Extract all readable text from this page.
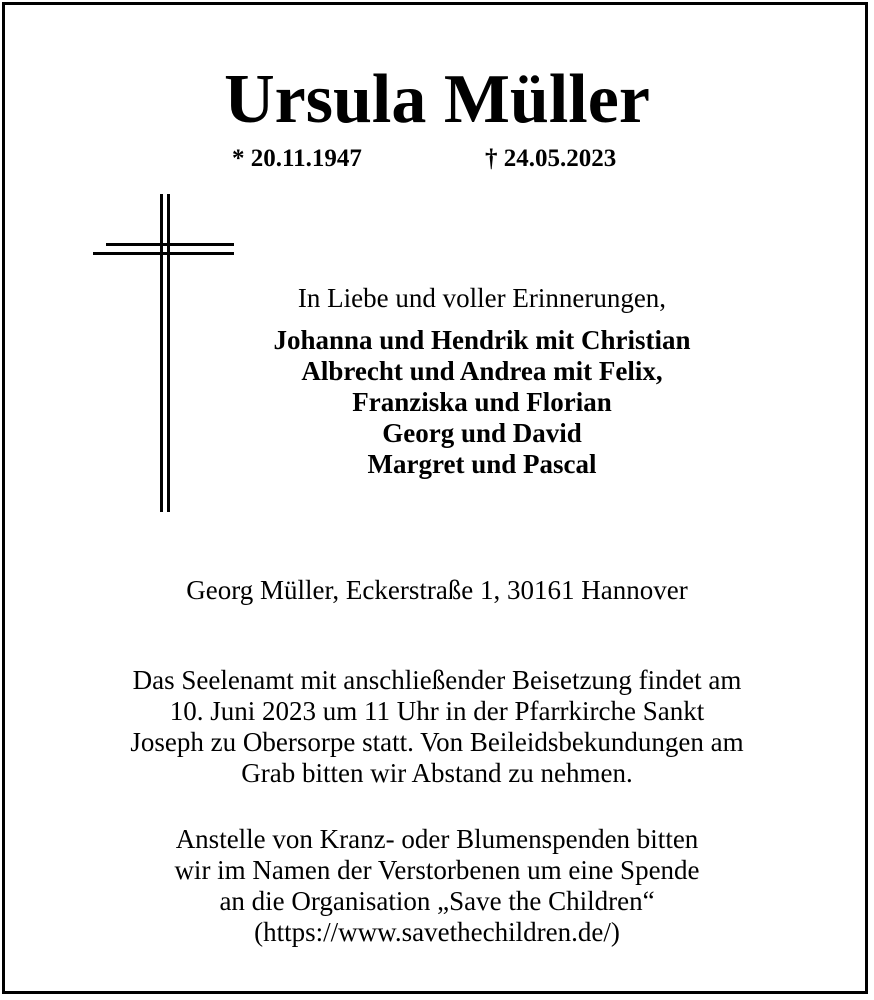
Ursula Müller
* 20.11.1947	† 24.05.2023
In Liebe und voller Erinnerungen,
Johanna und Hendrik mit Christian
Albrecht und Andrea mit Felix,
Franziska und Florian
Georg und David
Margret und Pascal
Georg Müller, Eckerstraße 1, 30161 Hannover
Das Seelenamt mit anschließender Beisetzung findet am
10. Juni 2023 um 11 Uhr in der Pfarrkirche Sankt
Joseph zu Obersorpe statt. Von Beileidsbekundungen am
Grab bitten wir Abstand zu nehmen.
Anstelle von Kranz- oder Blumenspenden bitten
wir im Namen der Verstorbenen um eine Spende
an die Organisation „Save the Children“
(https://www.savethechildren.de/)
